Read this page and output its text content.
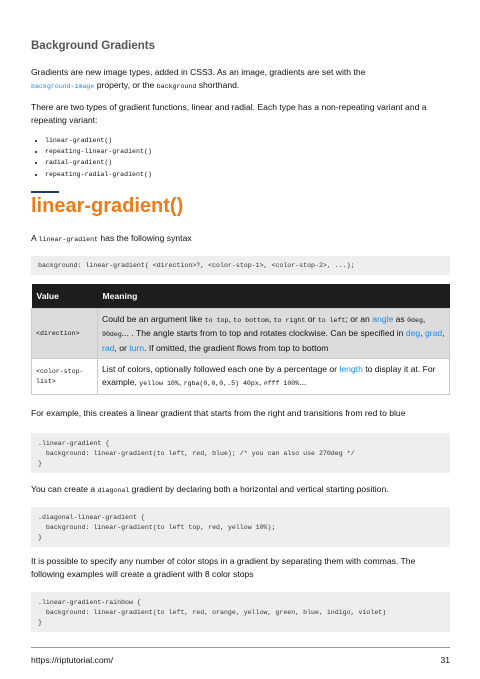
Background Gradients
Gradients are new image types, added in CSS3. As an image, gradients are set with the
background-image property, or the background shorthand.
There are two types of gradient functions, linear and radial. Each type has a non-repeating variant and a repeating variant:
• linear-gradient()
• repeating-linear-gradient()
• radial-gradient()
• repeating-radial-gradient()
linear-gradient()
A linear-gradient has the following syntax
background: linear-gradient( <direction>?, <color-stop-1>, <color-stop-2>, ...);
Value	Meaning
<direction>	Could be an argument like to top, to bottom, to right or to left; or an angle as 0deg, 90deg... . The angle starts from to top and rotates clockwise. Can be specified in deg, grad, rad, or turn. If omitted, the gradient flows from top to bottom
<color-stop-list>	List of colors, optionally followed each one by a percentage or length to display it at. For example, yellow 10%, rgba(0,0,0,.5) 40px, #fff 100%...
For example, this creates a linear gradient that starts from the right and transitions from red to blue
.linear-gradient {
background: linear-gradient(to left, red, blue); /* you can also use 270deg */
}
You can create a diagonal gradient by declaring both a horizontal and vertical starting position.
.diagonal-linear-gradient {
background: linear-gradient(to left top, red, yellow 10%);
}
It is possible to specify any number of color stops in a gradient by separating them with commas. The following examples will create a gradient with 8 color stops
.linear-gradient-rainbow {
background: linear-gradient(to left, red, orange, yellow, green, blue, indigo, violet)
}
https://riptutorial.com/	31
